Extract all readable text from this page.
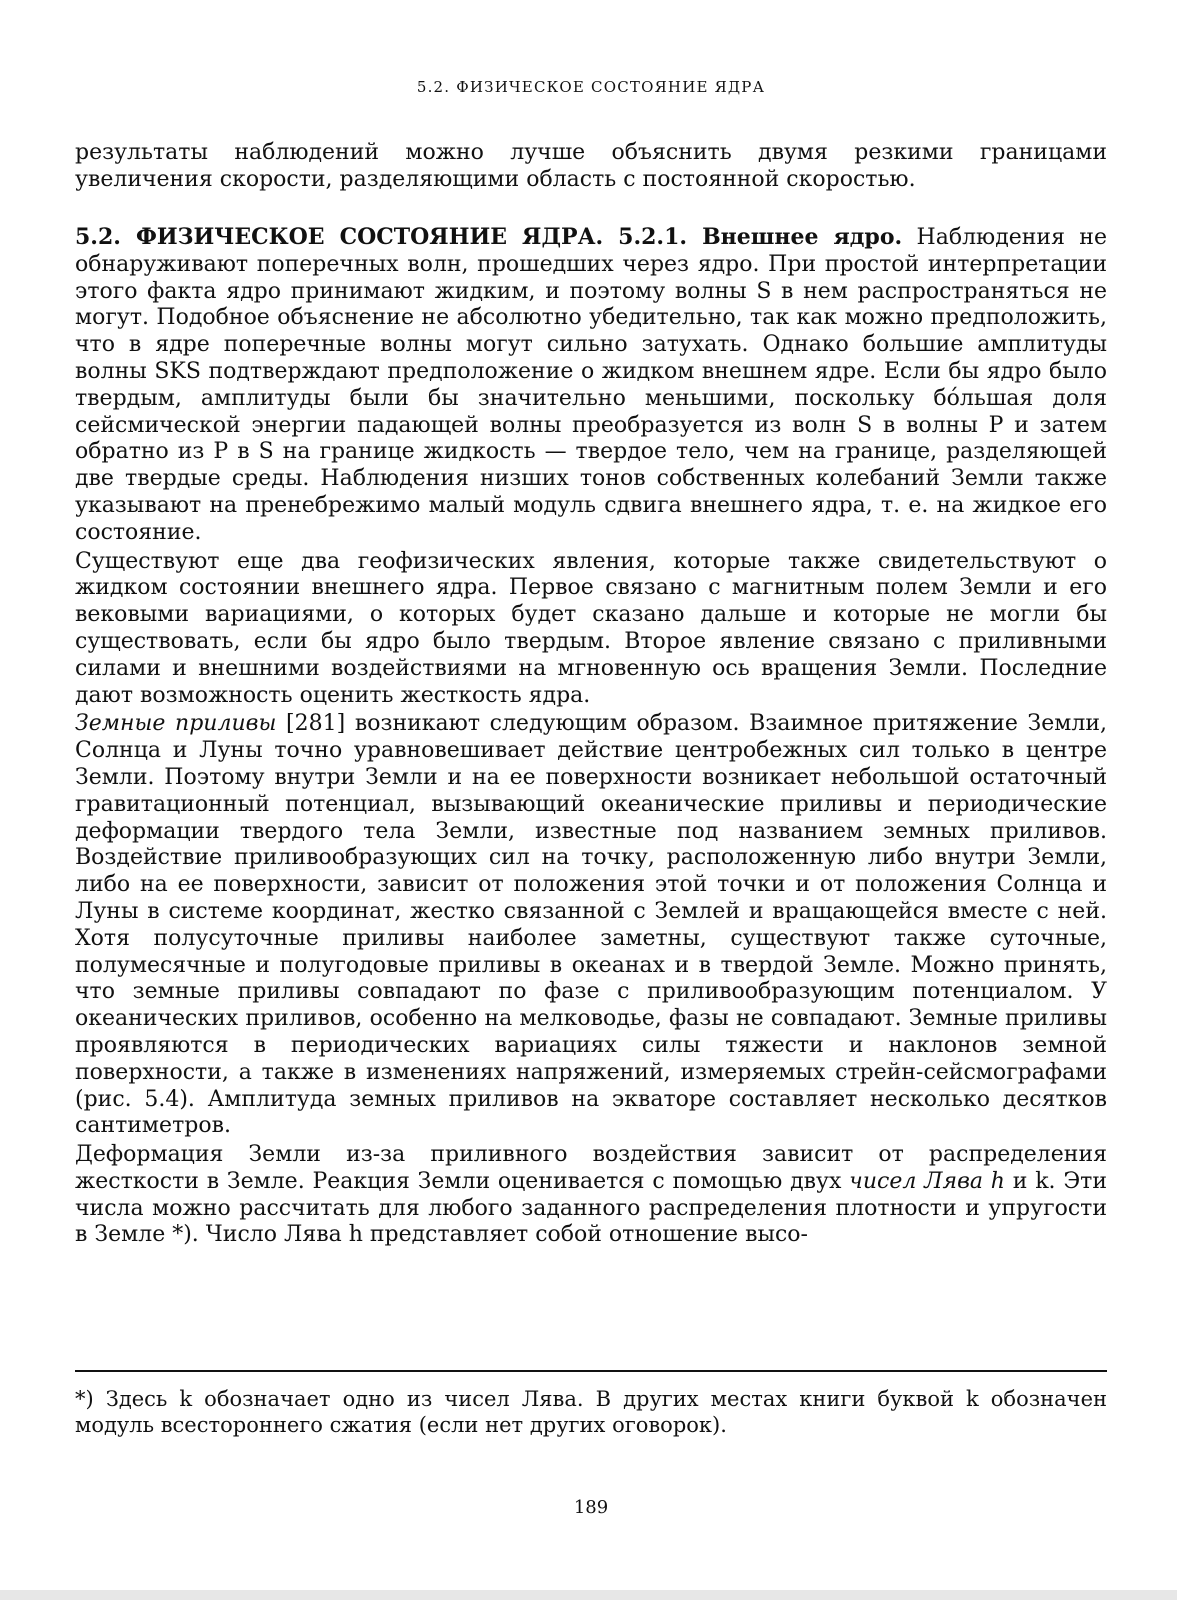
5.2. ФИЗИЧЕСКОЕ СОСТОЯНИЕ ЯДРА

результаты наблюдений можно лучше объяснить двумя резкими границами увеличения скорости, разделяющими область с постоянной скоростью.

5.2. ФИЗИЧЕСКОЕ СОСТОЯНИЕ ЯДРА. 5.2.1. Внешнее ядро. Наблюдения не обнаруживают поперечных волн, прошедших через ядро. При простой интерпретации этого факта ядро принимают жидким, и поэтому волны S в нем распространяться не могут. Подобное объяснение не абсолютно убедительно, так как можно предположить, что в ядре поперечные волны могут сильно затухать. Однако большие амплитуды волны SKS подтверждают предположение о жидком внешнем ядре. Если бы ядро было твердым, амплитуды были бы значительно меньшими, поскольку бо́льшая доля сейсмической энергии падающей волны преобразуется из волн S в волны P и затем обратно из P в S на границе жидкость — твердое тело, чем на границе, разделяющей две твердые среды. Наблюдения низших тонов собственных колебаний Земли также указывают на пренебрежимо малый модуль сдвига внешнего ядра, т. е. на жидкое его состояние.

Существуют еще два геофизических явления, которые также свидетельствуют о жидком состоянии внешнего ядра. Первое связано с магнитным полем Земли и его вековыми вариациями, о которых будет сказано дальше и которые не могли бы существовать, если бы ядро было твердым. Второе явление связано с приливными силами и внешними воздействиями на мгновенную ось вращения Земли. Последние дают возможность оценить жесткость ядра.

Земные приливы [281] возникают следующим образом. Взаимное притяжение Земли, Солнца и Луны точно уравновешивает действие центробежных сил только в центре Земли. Поэтому внутри Земли и на ее поверхности возникает небольшой остаточный гравитационный потенциал, вызывающий океанические приливы и периодические деформации твердого тела Земли, известные под названием земных приливов. Воздействие приливообразующих сил на точку, расположенную либо внутри Земли, либо на ее поверхности, зависит от положения этой точки и от положения Солнца и Луны в системе координат, жестко связанной с Землей и вращающейся вместе с ней. Хотя полусуточные приливы наиболее заметны, существуют также суточные, полумесячные и полугодовые приливы в океанах и в твердой Земле. Можно принять, что земные приливы совпадают по фазе с приливообразующим потенциалом. У океанических приливов, особенно на мелководье, фазы не совпадают. Земные приливы проявляются в периодических вариациях силы тяжести и наклонов земной поверхности, а также в изменениях напряжений, измеряемых стрейн-сейсмографами (рис. 5.4). Амплитуда земных приливов на экваторе составляет несколько десятков сантиметров.

Деформация Земли из-за приливного воздействия зависит от распределения жесткости в Земле. Реакция Земли оценивается с помощью двух чисел Лява h и k. Эти числа можно рассчитать для любого заданного распределения плотности и упругости в Земле *). Число Лява h представляет собой отношение высо-

*) Здесь k обозначает одно из чисел Лява. В других местах книги буквой k обозначен модуль всестороннего сжатия (если нет других оговорок).
189
